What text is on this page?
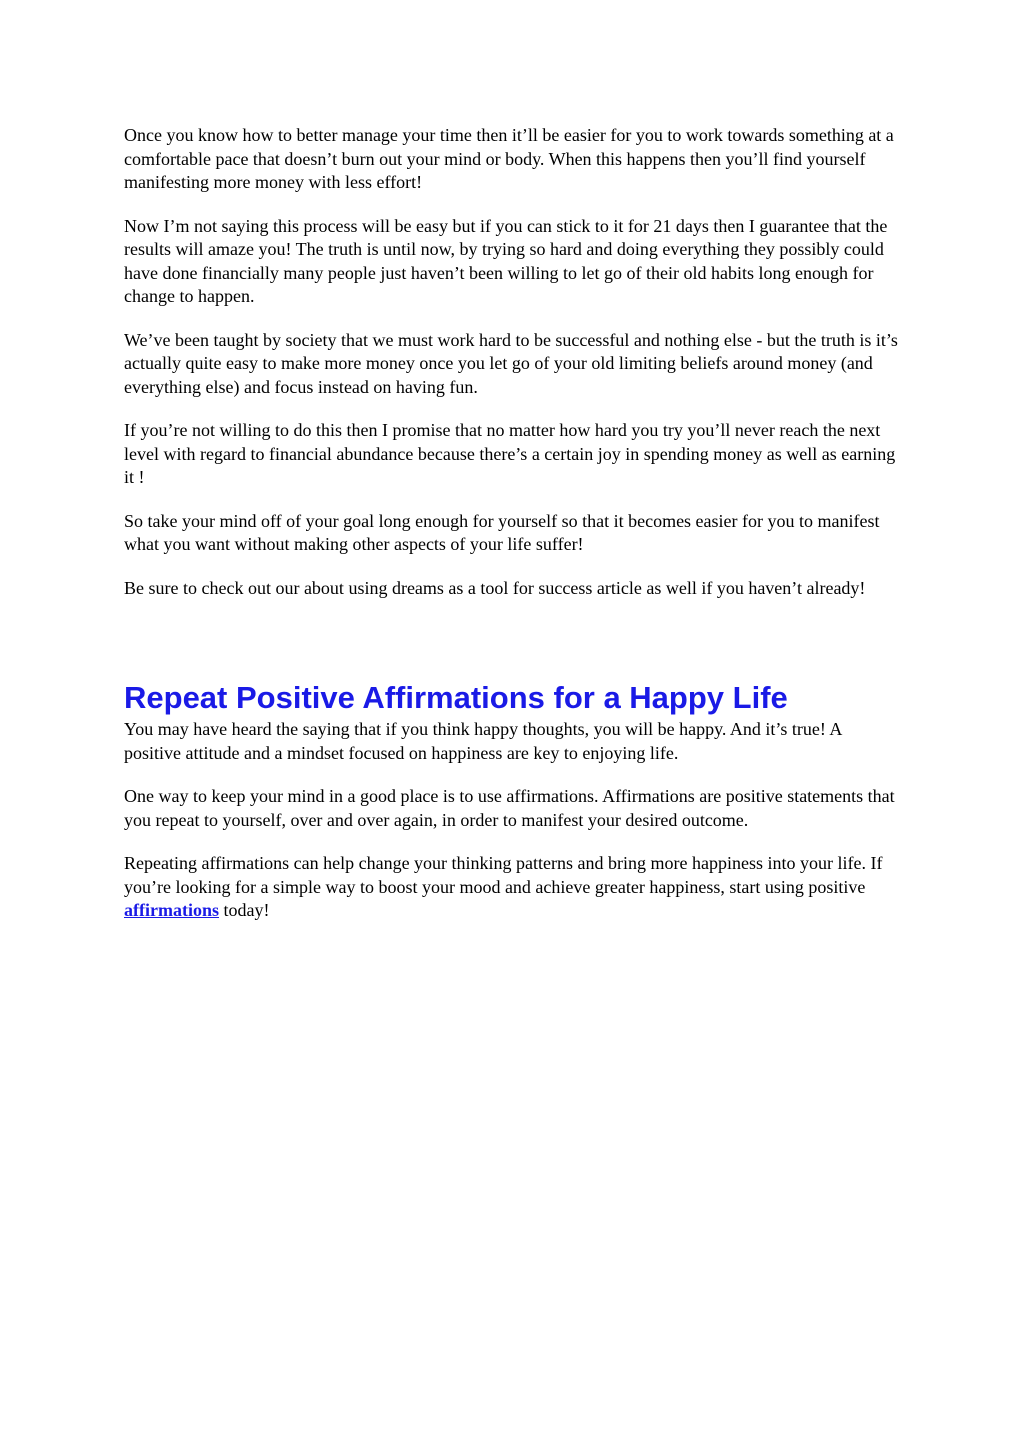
Once you know how to better manage your time then it’ll be easier for you to work towards something at a comfortable pace that doesn’t burn out your mind or body. When this happens then you’ll find yourself manifesting more money with less effort!

Now I’m not saying this process will be easy but if you can stick to it for 21 days then I guarantee that the results will amaze you! The truth is until now, by trying so hard and doing everything they possibly could have done financially many people just haven’t been willing to let go of their old habits long enough for change to happen.

We’ve been taught by society that we must work hard to be successful and nothing else - but the truth is it’s actually quite easy to make more money once you let go of your old limiting beliefs around money (and everything else) and focus instead on having fun.

If you’re not willing to do this then I promise that no matter how hard you try you’ll never reach the next level with regard to financial abundance because there’s a certain joy in spending money as well as earning it !

So take your mind off of your goal long enough for yourself so that it becomes easier for you to manifest what you want without making other aspects of your life suffer!

Be sure to check out our about using dreams as a tool for success article as well if you haven’t already!

Repeat Positive Affirmations for a Happy Life

You may have heard the saying that if you think happy thoughts, you will be happy. And it’s true! A positive attitude and a mindset focused on happiness are key to enjoying life.

One way to keep your mind in a good place is to use affirmations. Affirmations are positive statements that you repeat to yourself, over and over again, in order to manifest your desired outcome.

Repeating affirmations can help change your thinking patterns and bring more happiness into your life. If you’re looking for a simple way to boost your mood and achieve greater happiness, start using positive affirmations today!
